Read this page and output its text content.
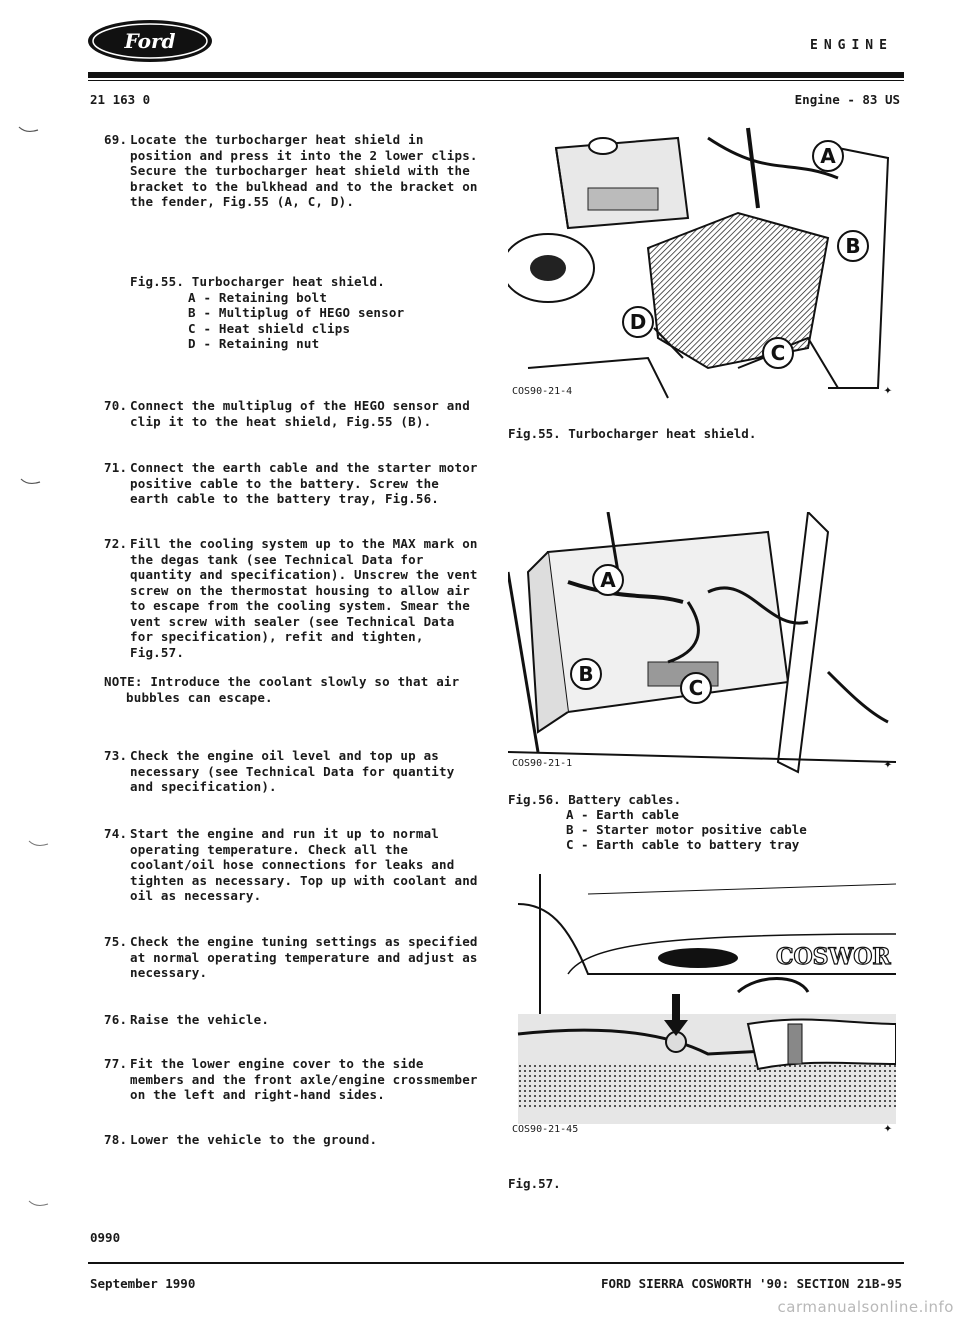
Ford	ENGINE
21 163 0	Engine - 83 US
69. Locate the turbocharger heat shield in position and press it into the 2 lower clips.
Secure the turbocharger heat shield with the bracket to the bulkhead and to the bracket on the fender, Fig.55 (A, C, D).
Fig.55. Turbocharger heat shield.
A - Retaining bolt
B - Multiplug of HEGO sensor
C - Heat shield clips
D - Retaining nut
70. Connect the multiplug of the HEGO sensor and clip it to the heat shield, Fig.55 (B).
71. Connect the earth cable and the starter motor positive cable to the battery. Screw the earth cable to the battery tray, Fig.56.
72. Fill the cooling system up to the MAX mark on the degas tank (see Technical Data for quantity and specification). Unscrew the vent screw on the thermostat housing to allow air to escape from the cooling system. Smear the vent screw with sealer (see Technical Data for specification), refit and tighten, Fig.57.
NOTE: Introduce the coolant slowly so that air bubbles can escape.
73. Check the engine oil level and top up as necessary (see Technical Data for quantity and specification).
74. Start the engine and run it up to normal operating temperature. Check all the coolant/oil hose connections for leaks and tighten as necessary. Top up with coolant and oil as necessary.
75. Check the engine tuning settings as specified at normal operating temperature and adjust as necessary.
76. Raise the vehicle.
77. Fit the lower engine cover to the side members and the front axle/engine crossmember on the left and right-hand sides.
78. Lower the vehicle to the ground.
A
B
C
D
✦
COS90-21-4
Fig.55. Turbocharger heat shield.
A
B
C
✦
COS90-21-1
Fig.56. Battery cables.
A - Earth cable
B - Starter motor positive cable
C - Earth cable to battery tray
COSWOR
✦
COS90-21-45
Fig.57.
0990
September 1990	FORD SIERRA COSWORTH '90: SECTION 21B-95
carmanualsonline.info
